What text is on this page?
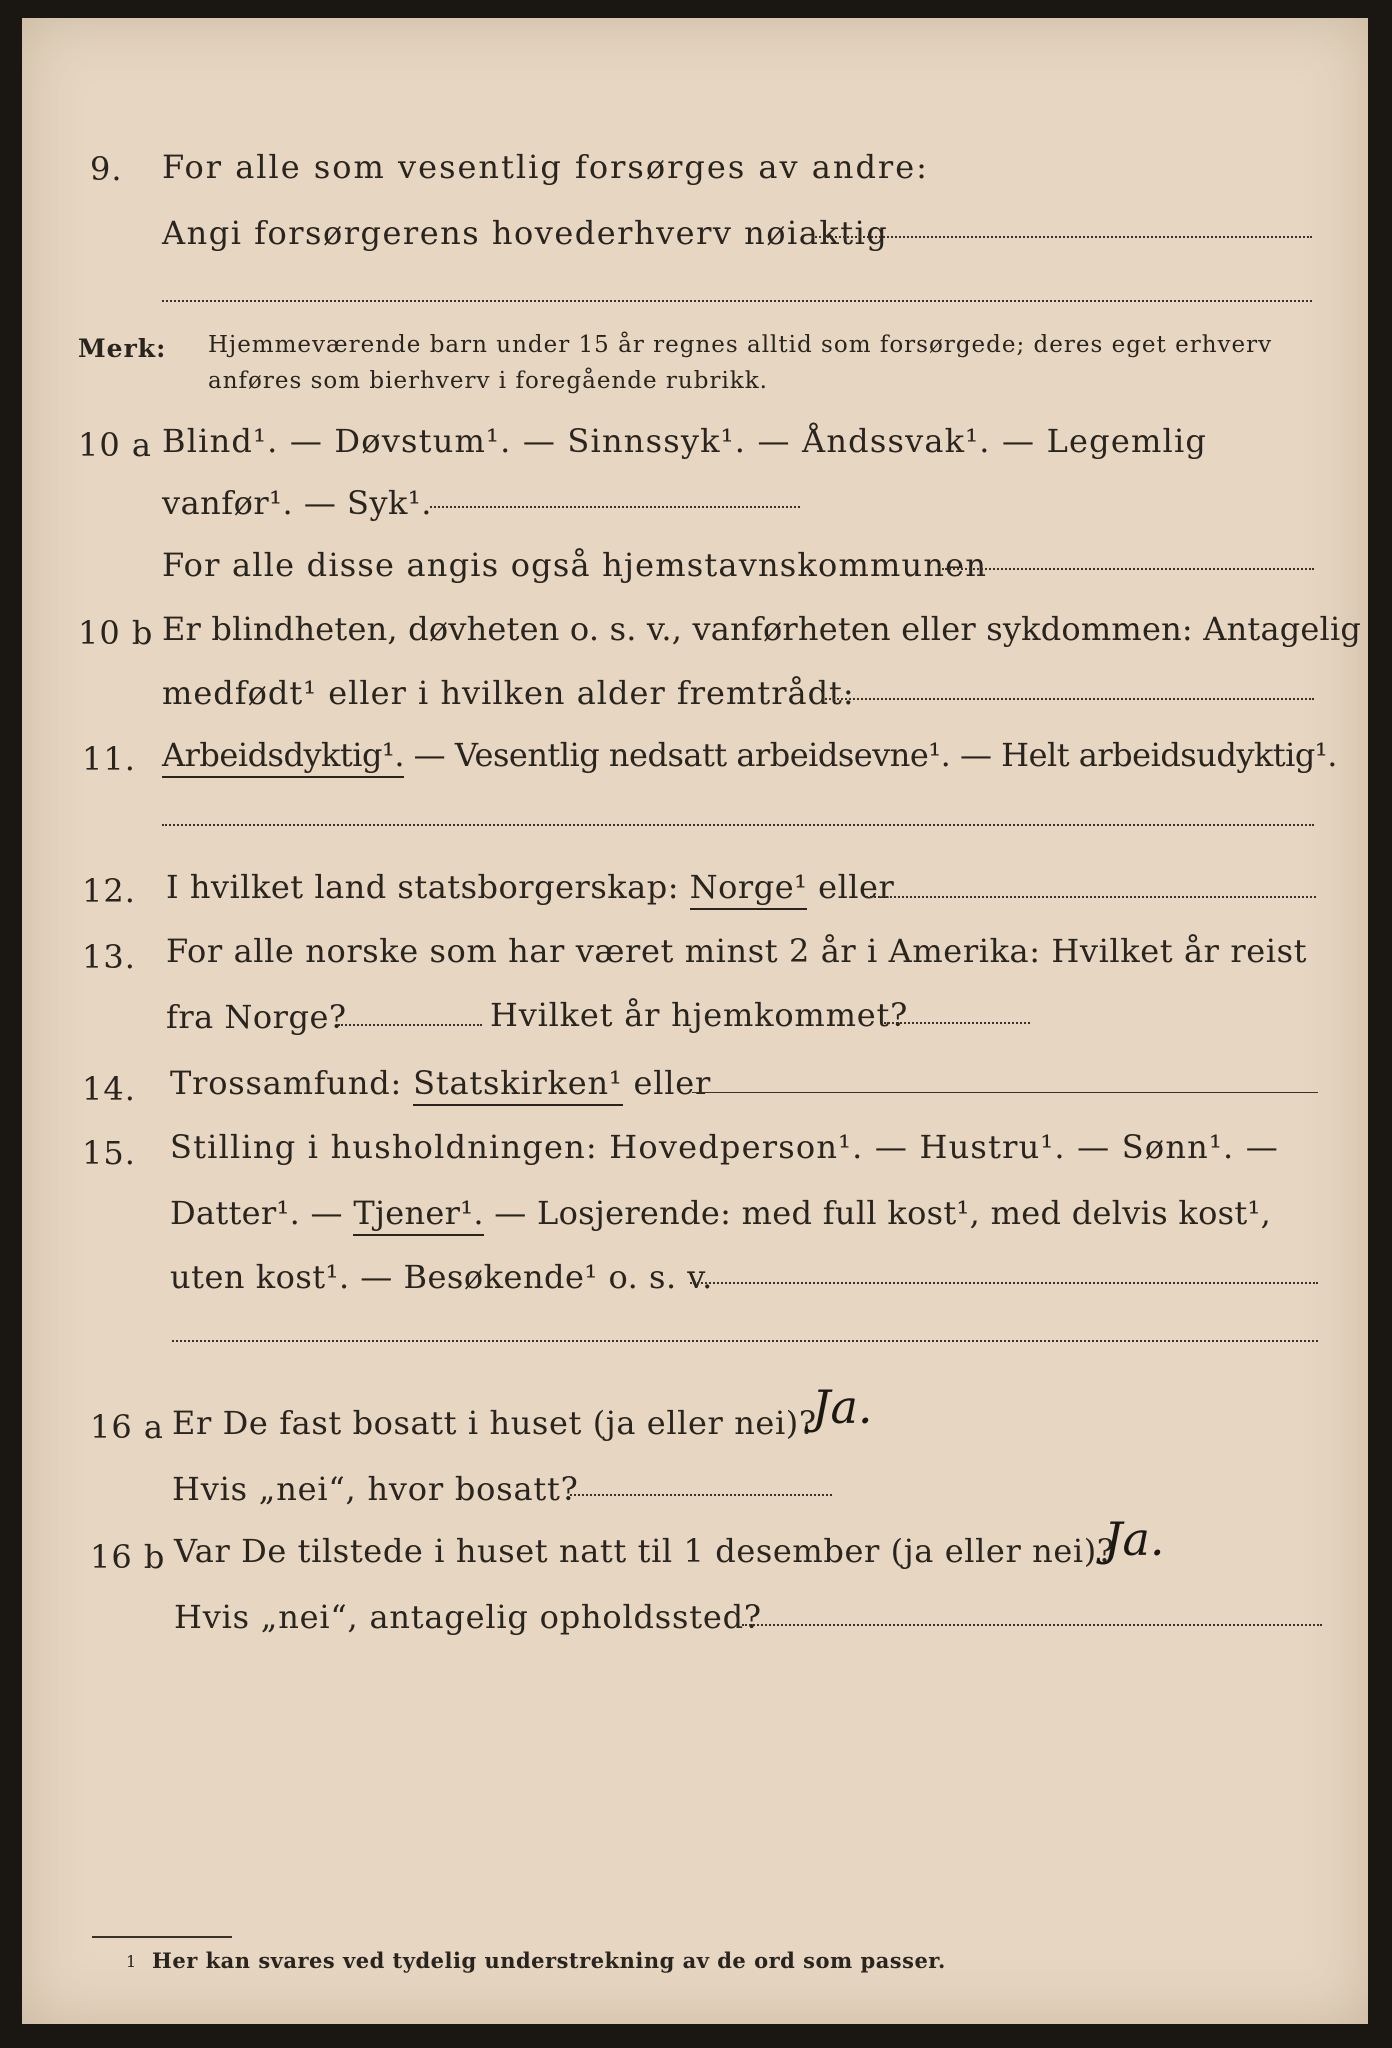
9. For alle som vesentlig forsørges av andre:
Angi forsørgerens hovederhverv nøiaktig
Merk: Hjemmeværende barn under 15 år regnes alltid som forsørgede; deres eget erhverv
anføres som bierhverv i foregående rubrikk.
10 a Blind¹. — Døvstum¹. — Sinnssyk¹. — Åndssvak¹. — Legemlig
vanfør¹. — Syk¹.
For alle disse angis også hjemstavnskommunen
10 b Er blindheten, døvheten o. s. v., vanførheten eller sykdommen: Antagelig
medfødt¹ eller i hvilken alder fremtrådt:
11. Arbeidsdyktig¹. — Vesentlig nedsatt arbeidsevne¹. — Helt arbeidsudyktig¹.
12. I hvilket land statsborgerskap: Norge¹ eller
13. For alle norske som har været minst 2 år i Amerika: Hvilket år reist
fra Norge?	Hvilket år hjemkommet?
14. Trossamfund: Statskirken¹ eller
15. Stilling i husholdningen: Hovedperson¹. — Hustru¹. — Sønn¹. —
Datter¹. — Tjener¹. — Losjerende: med full kost¹, med delvis kost¹,
uten kost¹. — Besøkende¹ o. s. v.
16 a Er De fast bosatt i huset (ja eller nei)?
Ja.
Hvis „nei“, hvor bosatt?
16 b Var De tilstede i huset natt til 1 desember (ja eller nei)?
Ja.
Hvis „nei“, antagelig opholdssted?
1 Her kan svares ved tydelig understrekning av de ord som passer.
